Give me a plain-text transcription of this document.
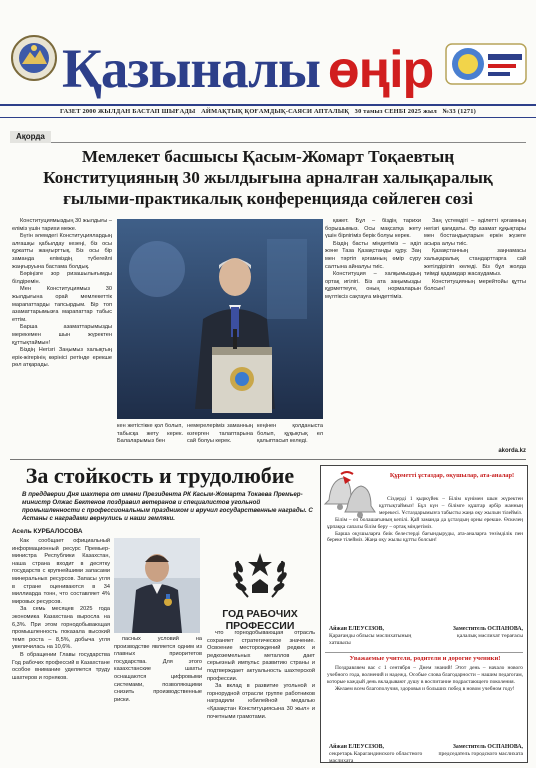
Қазыналы өңір
ГАЗЕТ 2000 ЖЫЛДАН БАСТАП ШЫҒАДЫ АЙМАҚТЫҚ ҚОҒАМДЫҚ-САЯСИ АПТАЛЫҚ 30 тамыз СЕНБІ 2025 жыл №33 (1271)
Ақорда
Мемлекет басшысы Қасым-Жомарт Тоқаевтың Конституцияның 30 жылдығына арналған халықаралық ғылыми-практикалық конференцияда сөйлеген сөзі

Конституциямыздың 30 жылдығы – еліміз үшін тарихи межe.

Бүгін әлемдегі Конституциялардың алғашқы қабылдау кезеңі, біз осы құжатты жаңғырттық. Біз осы бір заманда еліміздің түбегейлі жаңғыруына бастама болдық.

Бәріңізге зор ризашылығымды білдіремін.

Мен Конституциямыз 30 жылдығына орай мемлекеттік марапаттарды тапсырдым. Бір топ азаматтарымызға марапаттар табыс еттім.

Барша азаматтарымызды мерекемен шын жүректен құттықтаймын!

Біздің Негізгі Заңымыз халықтың ерік-жігерінің көрінісі ретінде ерекше рөл атқарады.

кен жетістікке қол болып, табысқа жету керек. Балаларымыз бен
немерелеріміз заманның өзгерген талаптарына сай болуы керек.
кеңінен қолданыста болып, құқықтық ел қалыптасып келеді.

қажет. Бұл – біздің тарихи борышымыз. Осы мақсатқа жету үшін бірлігіміз берік болуы керек.

Біздің басты міндетіміз – әділ және Таза Қазақстанды құру. Заң мен тәртіп қоғамның өмір сүру салтына айналуы тиіс.

Конституция – халқымыздың ортақ игілігі. Біз ата заңымызды құрметтеуге, оның нормаларын мүлтіксіз сақтауға міндеттіміз.

Заң үстемдігі – әділетті қоғамның негізгі қағидаты. Әр азамат құқықтары мен бостандықтарын еркін жүзеге асыра алуы тиіс.

Қазақстанның заңнамасы халықаралық стандарттарға сай жетілдіріліп келеді. Біз бұл жолда тиімді қадамдар жасаудамыз.

Конституцияның мерейтойы құтты болсын!

akorda.kz
За стойкость и трудолюбие

В преддверии Дня шахтера от имени Президента РК Касым-Жомарта Токаева Премьер-министр Олжас Бектенов поздравил ветеранов и специалистов угольной промышленности с профессиональным праздником и вручил государственные награды. С Астаны с наградами вернулись и наши земляки.

Асель КУРБАЛОСОВА

Как сообщает официальный информационный ресурс Премьер-министра Республики Казахстан, наша страна входит в десятку государств с крупнейшими запасами минеральных ресурсов. Запасы угля в стране оцениваются в 34 миллиарда тонн, что составляет 4% мировых ресурсов.

За семь месяцев 2025 года экономика Казахстана выросла на 6,3%. При этом горнодобывающая промышленность показала высокий темп роста – 8,5%, добыча угля увеличилась на 10,6%.

В обращении Главы государства Год рабочих профессий в Казахстане особое внимание уделяется труду шахтеров и горняков.

пасных условий на производстве является одним из главных приоритетов государства. Для этого казахстанские шахты оснащаются цифровыми системами, позволяющими снизить производственные риски.

ГОД РАБОЧИХ
ПРОФЕССИИ

что горнодобывающая отрасль сохраняет стратегическое значение. Освоение месторождений редких и редкоземельных металлов дает серьезный импульс развитию страны и подтверждает актуальность шахтерской профессии.

За вклад в развитие угольной и горнорудной отрасли группе работников наградили юбилейной медалью «Қазақстан Конституциясына 30 жыл» и почетными грамотами.

Құрметті ұстаздар, оқушылар, ата-аналар!

Сіздерді 1 қыркүйек – Білім күнімен шын жүректен құттықтаймыз! Бұл күн – білімге құштар әрбір жанның мерекесі. Ұстаздарымызға табысты жаңа оқу жылын тілейміз.

Білім – ел болашағының кепілі. Қай заманда да ұстаздың орны ерекше. Өскелең ұрпаққа сапалы білім беру – ортақ міндетіміз.

Барша оқушыларға биік белестерді бағындыруды, ата-аналарға төзімділік пен береке тілейміз. Жаңа оқу жылы құтты болсын!

Айжан ЕЛЕУСІЗОВ,
Қарағанды облысы мәслихатының хатшысы
Заместитель ОСПАНОВА,
қалалық мәслихат төрағасы
Уважаемые учителя, родители и дорогие ученики!

Поздравляем вас с 1 сентября – Днем знаний! Этот день – начало нового учебного года, волнений и надежд. Особые слова благодарности – нашим педагогам, которые каждый день вкладывают душу в воспитание подрастающего поколения.

Желаем всем благополучия, здоровья и больших побед в новом учебном году!

Айжан ЕЛЕУСІЗОВ,
секретарь Карагандинского областного маслихата
Заместитель ОСПАНОВА,
председатель городского маслихата
